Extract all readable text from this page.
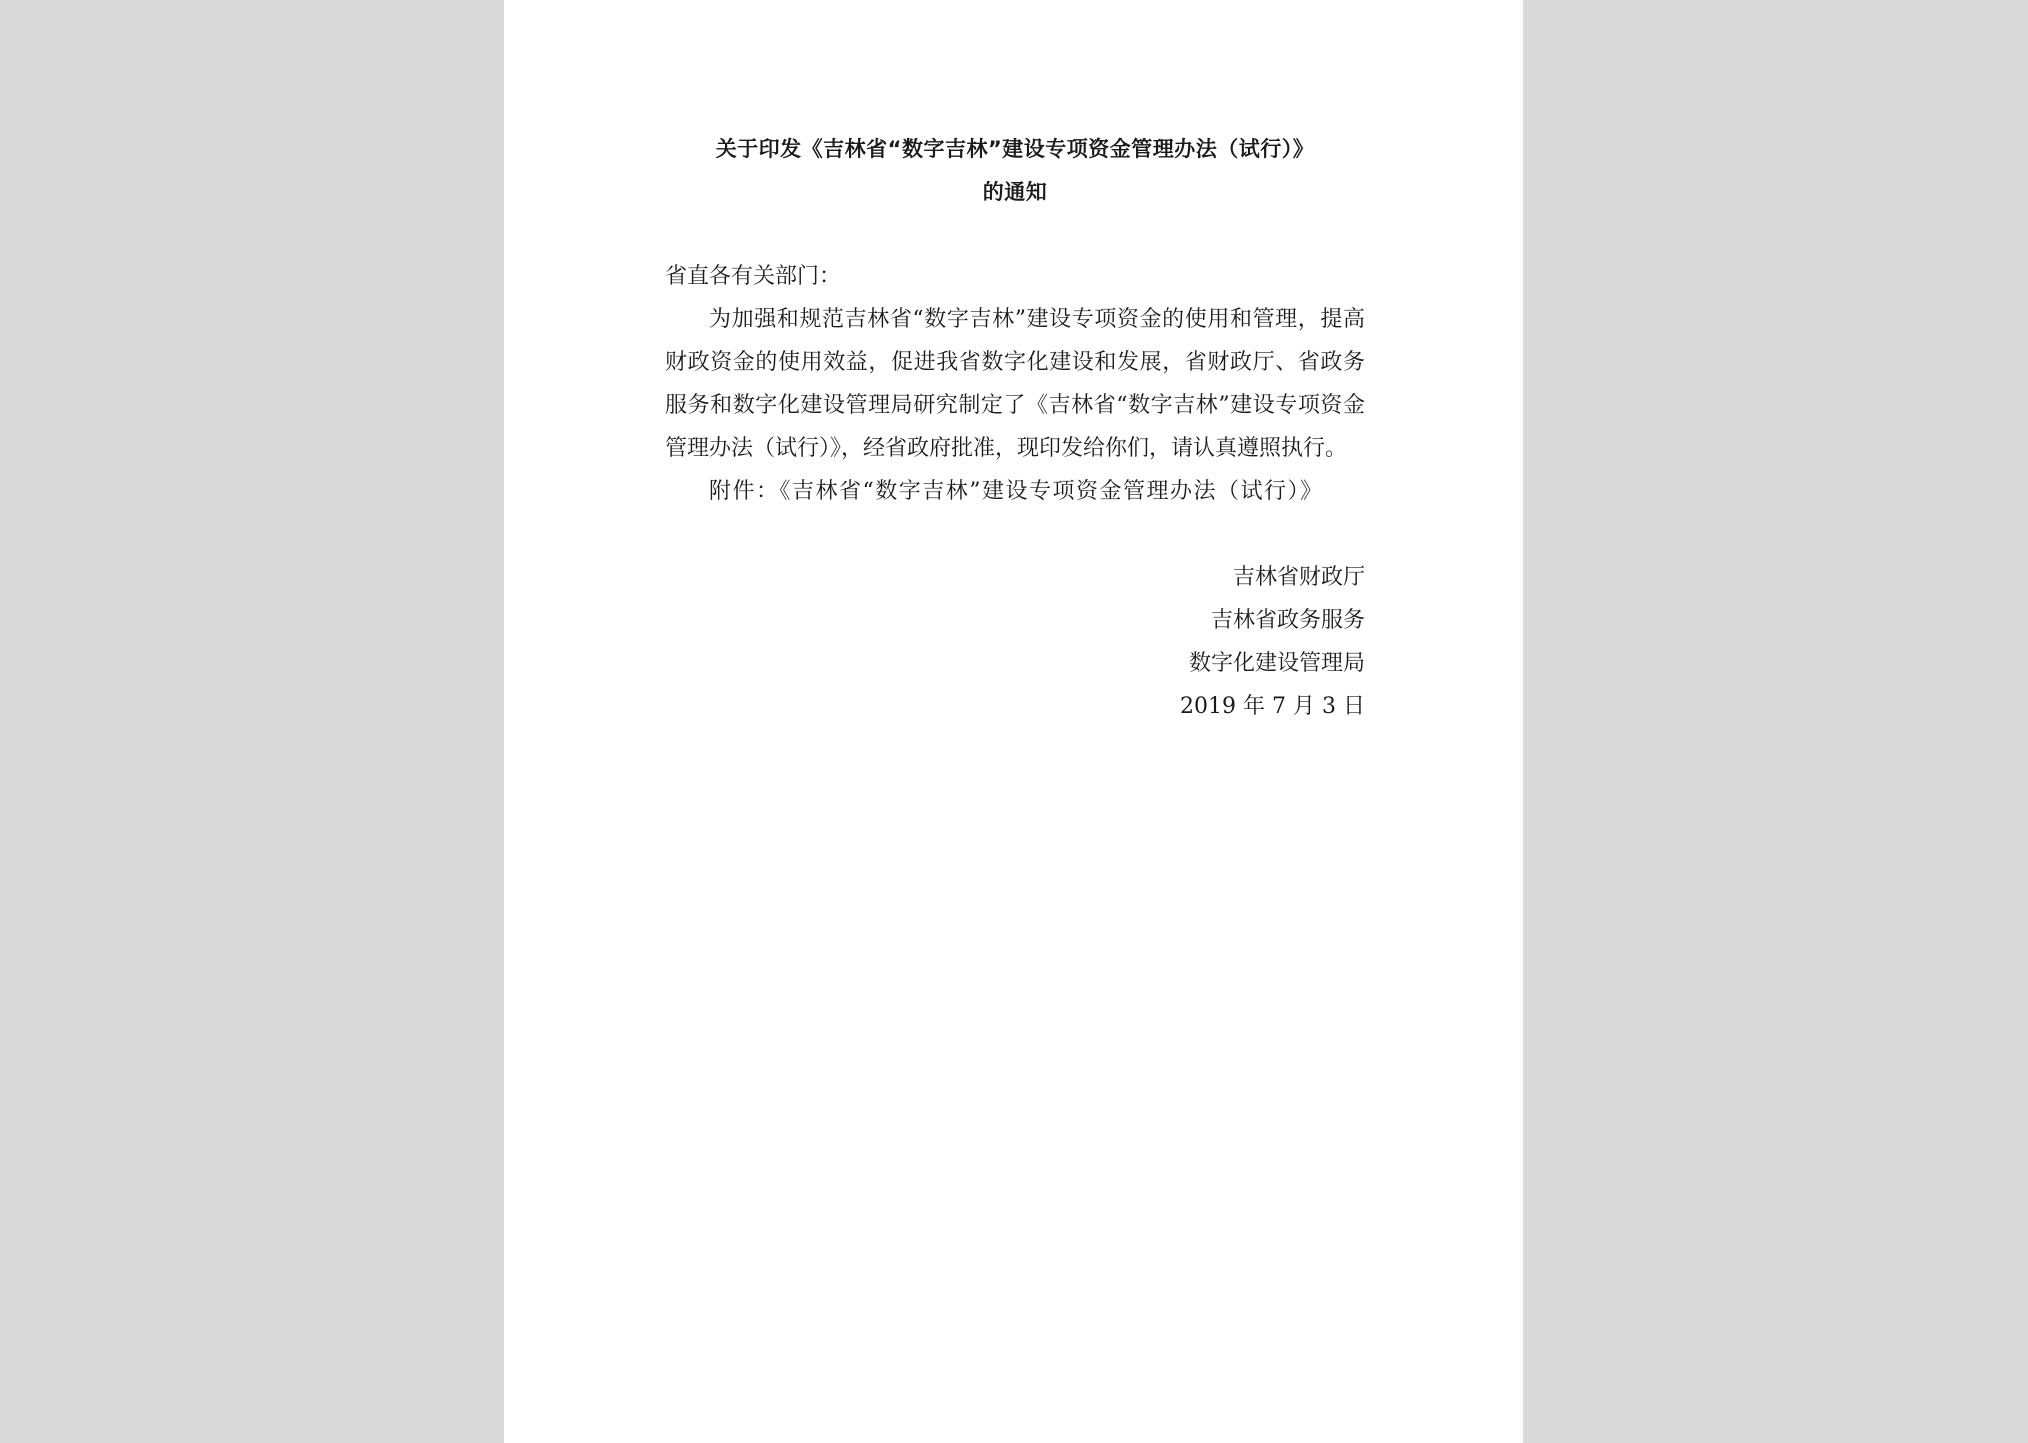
关于印发《吉林省“数字吉林”建设专项资金管理办法（试行）》
的通知
省直各有关部门：

为加强和规范吉林省“数字吉林”建设专项资金的使用和管理，提高财政资金的使用效益，促进我省数字化建设和发展，省财政厅、省政务服务和数字化建设管理局研究制定了《吉林省“数字吉林”建设专项资金管理办法（试行）》，经省政府批准，现印发给你们，请认真遵照执行。

附件：《吉林省“数字吉林”建设专项资金管理办法（试行）》

吉林省财政厅
吉林省政务服务
数字化建设管理局
2019 年 7 月 3 日
